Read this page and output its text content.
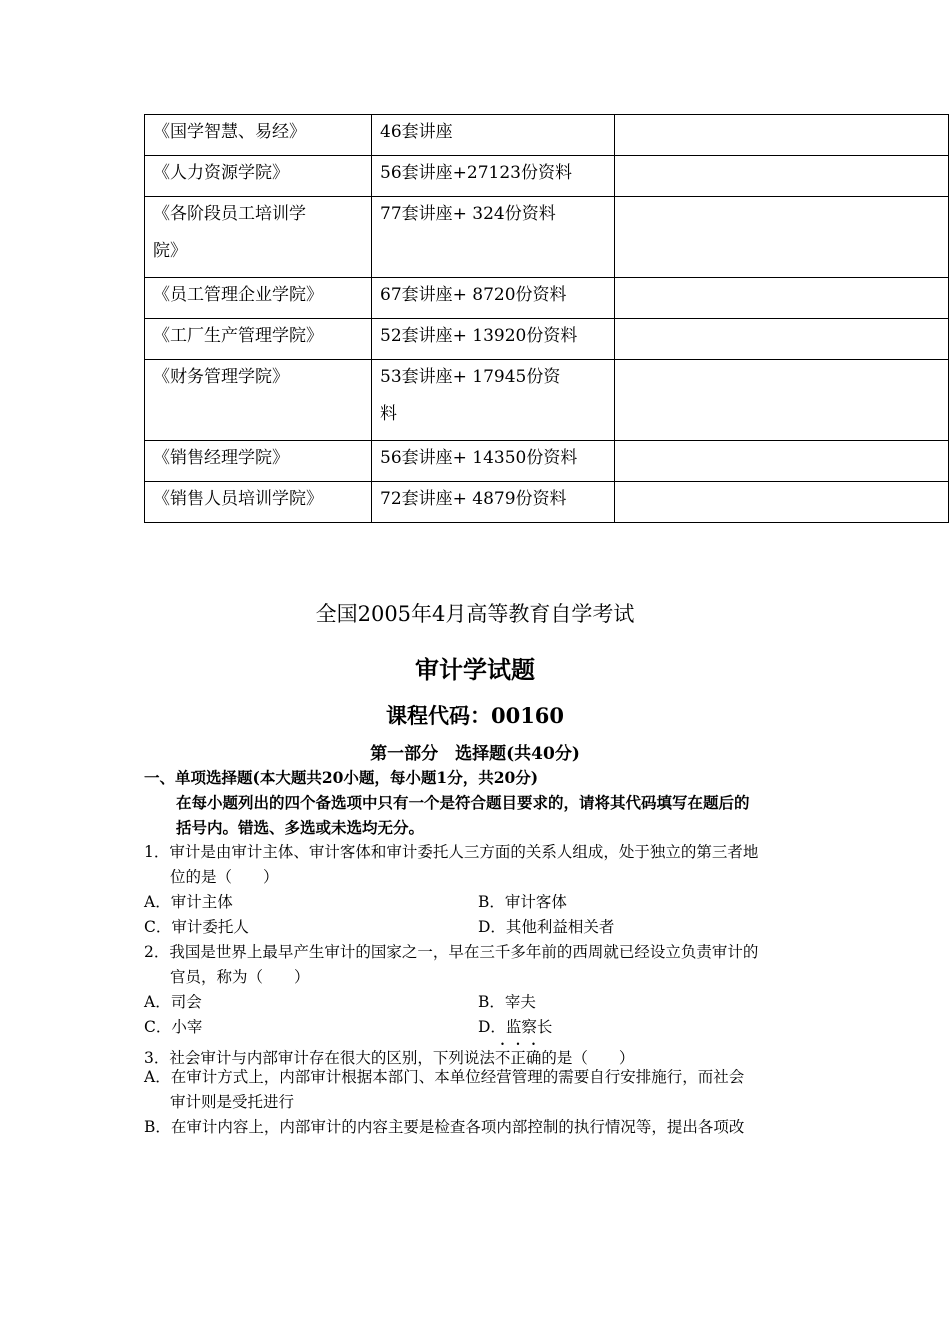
《国学智慧、易经》	46套讲座	
《人力资源学院》	56套讲座+27123份资料	

《各阶段员工培训学
院》	77套讲座+ 324份资料	
《员工管理企业学院》	67套讲座+ 8720份资料	
《工厂生产管理学院》	52套讲座+ 13920份资料	
《财务管理学院》	53套讲座+ 17945份资
料	

《销售经理学院》	56套讲座+ 14350份资料	
《销售人员培训学院》	72套讲座+ 4879份资料	
全国2005年4月高等教育自学考试
审计学试题
课程代码：00160
第一部分　选择题(共40分)
一、单项选择题(本大题共20小题，每小题1分，共20分)
在每小题列出的四个备选项中只有一个是符合题目要求的，请将其代码填写在题后的
括号内。错选、多选或未选均无分。
1．审计是由审计主体、审计客体和审计委托人三方面的关系人组成，处于独立的第三者地
位的是（　　）
A．审计主体	B．审计客体
C．审计委托人	D．其他利益相关者
2．我国是世界上最早产生审计的国家之一，早在三千多年前的西周就已经设立负责审计的
官员，称为（　　）
A．司会	B．宰夫
C．小宰	D．监察长
3．社会审计与内部审计存在很大的区别，下列说法不正确的是（　　）
A．在审计方式上，内部审计根据本部门、本单位经营管理的需要自行安排施行，而社会
审计则是受托进行
B．在审计内容上，内部审计的内容主要是检查各项内部控制的执行情况等，提出各项改
